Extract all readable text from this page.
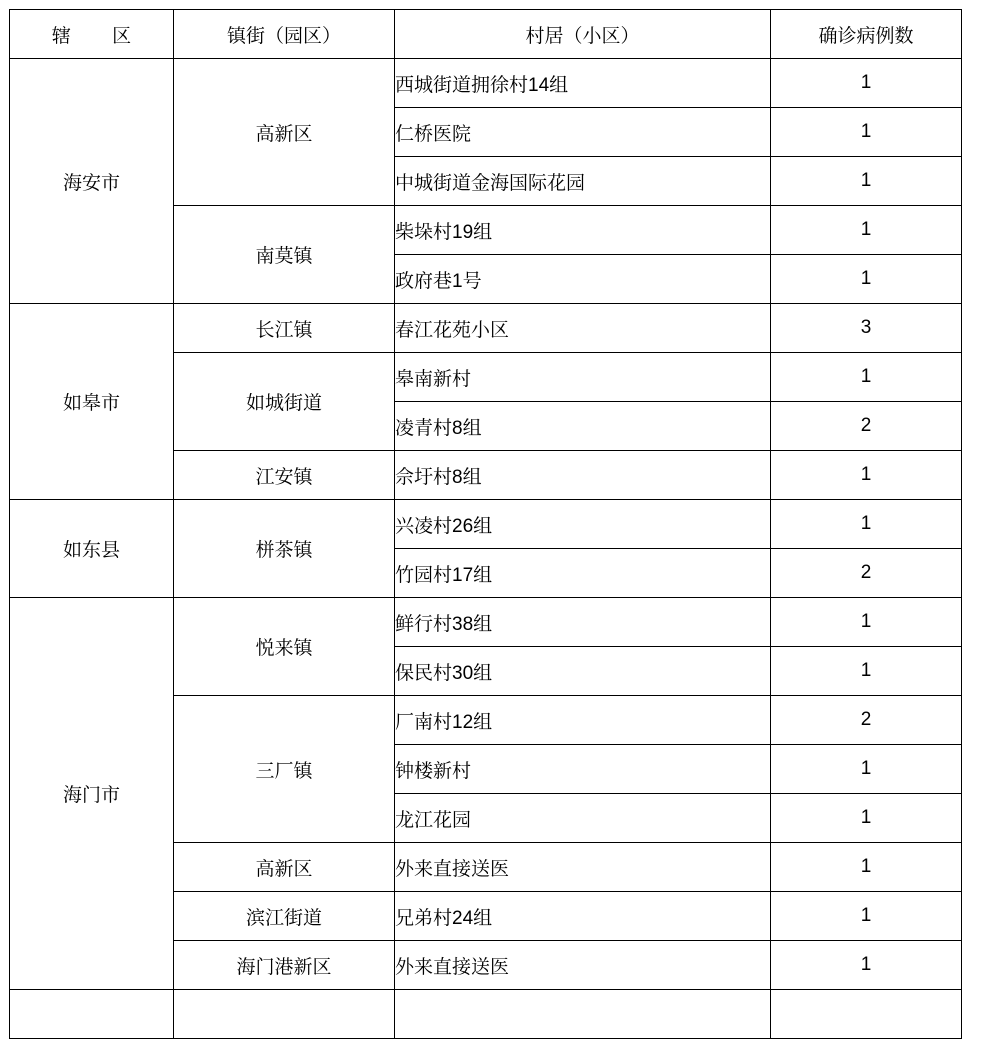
辖 区	镇街（园区）	村居（小区）	确诊病例数
海安市	高新区	西城街道拥徐村14组	1
		仁桥医院	1
		中城街道金海国际花园	1
	南莫镇	柴垛村19组	1
		政府巷1号	1
如皋市	长江镇	春江花苑小区	3
	如城街道	皋南新村	1
		凌青村8组	2
	江安镇	佘圩村8组	1
如东县	栟茶镇	兴凌村26组	1
		竹园村17组	2
海门市	悦来镇	鲜行村38组	1
		保民村30组	1
	三厂镇	厂南村12组	2
		钟楼新村	1
		龙江花园	1
	高新区	外来直接送医	1
	滨江街道	兄弟村24组	1
	海门港新区	外来直接送医	1
